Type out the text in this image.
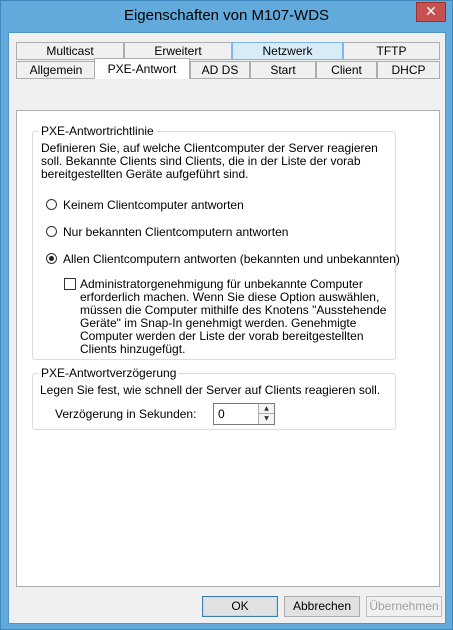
Eigenschaften von M107-WDS	✕
Multicast	Erweitert	Netzwerk	TFTP
Allgemein	PXE-Antwort	AD DS	Start	Client	DHCP
PXE-Antwortrichtlinie
Definieren Sie, auf welche Clientcomputer der Server reagieren soll. Bekannte Clients sind Clients, die in der Liste der vorab bereitgestellten Geräte aufgeführt sind.
Keinem Clientcomputer antworten
Nur bekannten Clientcomputern antworten
Allen Clientcomputern antworten (bekannten und unbekannten)
Administratorgenehmigung für unbekannte Computer erforderlich machen. Wenn Sie diese Option auswählen, müssen die Computer mithilfe des Knotens "Ausstehende Geräte" im Snap-In genehmigt werden. Genehmigte Computer werden der Liste der vorab bereitgestellten Clients hinzugefügt.
PXE-Antwortverzögerung
Legen Sie fest, wie schnell der Server auf Clients reagieren soll.
Verzögerung in Sekunden: 0	▲
▼
OK	Abbrechen	Übernehmen
